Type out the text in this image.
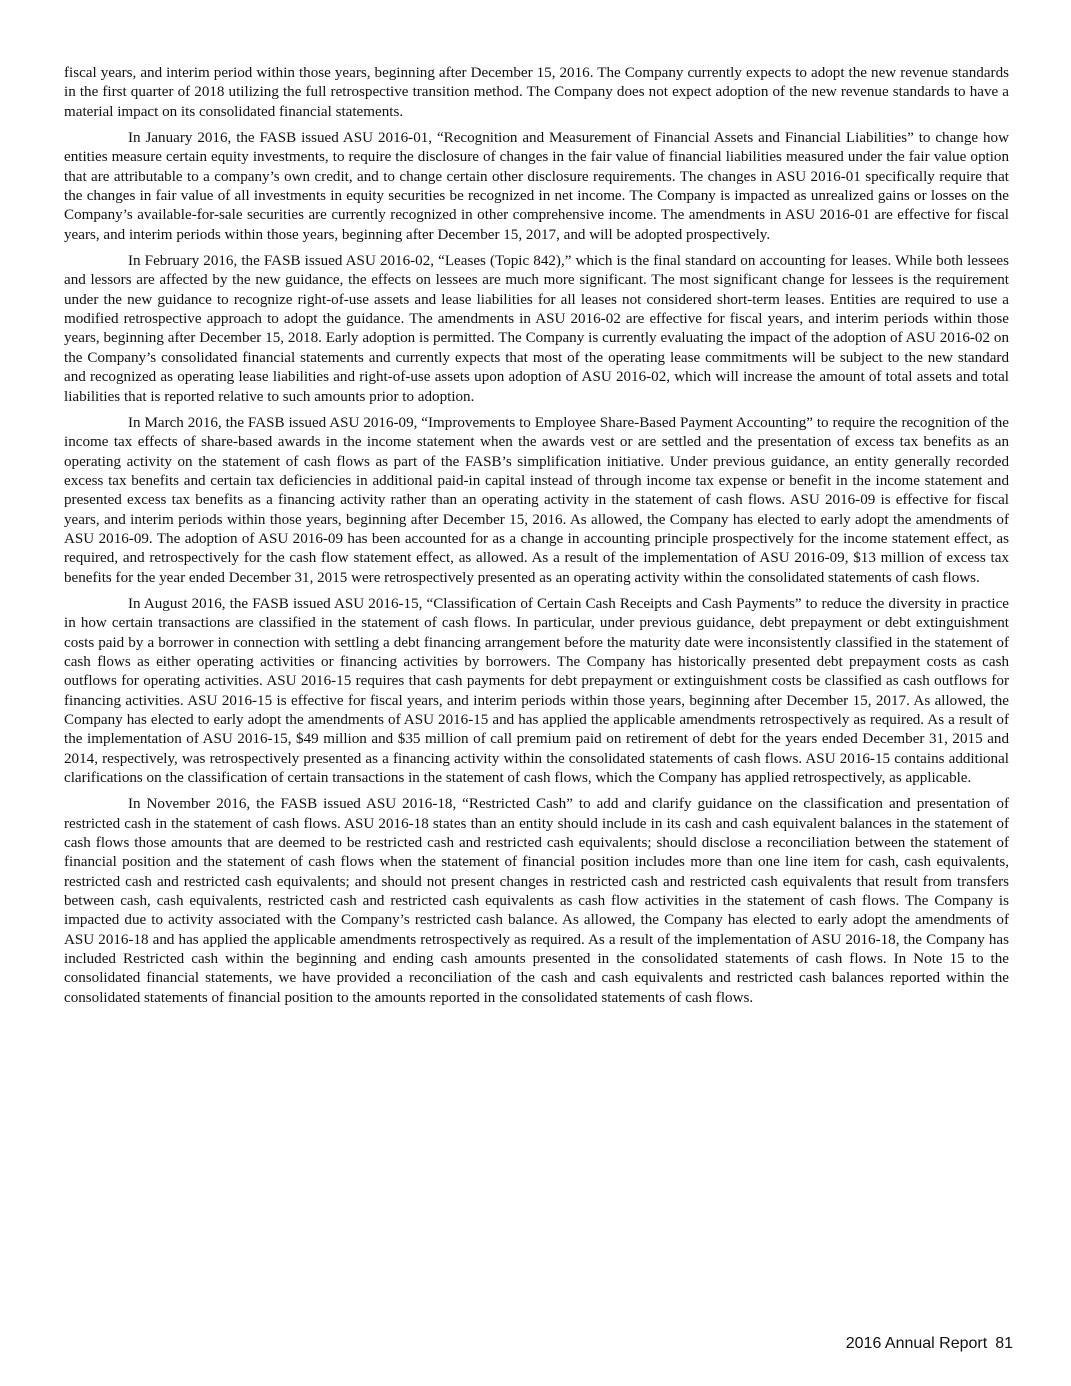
fiscal years, and interim period within those years, beginning after December 15, 2016. The Company currently expects to adopt the new revenue standards in the first quarter of 2018 utilizing the full retrospective transition method. The Company does not expect adoption of the new revenue standards to have a material impact on its consolidated financial statements.

In January 2016, the FASB issued ASU 2016-01, “Recognition and Measurement of Financial Assets and Financial Liabilities” to change how entities measure certain equity investments, to require the disclosure of changes in the fair value of financial liabilities measured under the fair value option that are attributable to a company’s own credit, and to change certain other disclosure requirements. The changes in ASU 2016-01 specifically require that the changes in fair value of all investments in equity securities be recognized in net income. The Company is impacted as unrealized gains or losses on the Company’s available-for-sale securities are currently recognized in other comprehensive income. The amendments in ASU 2016-01 are effective for fiscal years, and interim periods within those years, beginning after December 15, 2017, and will be adopted prospectively.

In February 2016, the FASB issued ASU 2016-02, “Leases (Topic 842),” which is the final standard on accounting for leases. While both lessees and lessors are affected by the new guidance, the effects on lessees are much more significant. The most significant change for lessees is the requirement under the new guidance to recognize right-of-use assets and lease liabilities for all leases not considered short-term leases. Entities are required to use a modified retrospective approach to adopt the guidance. The amendments in ASU 2016-02 are effective for fiscal years, and interim periods within those years, beginning after December 15, 2018. Early adoption is permitted. The Company is currently evaluating the impact of the adoption of ASU 2016-02 on the Company’s consolidated financial statements and currently expects that most of the operating lease commitments will be subject to the new standard and recognized as operating lease liabilities and right-of-use assets upon adoption of ASU 2016-02, which will increase the amount of total assets and total liabilities that is reported relative to such amounts prior to adoption.

In March 2016, the FASB issued ASU 2016-09, “Improvements to Employee Share-Based Payment Accounting” to require the recognition of the income tax effects of share-based awards in the income statement when the awards vest or are settled and the presentation of excess tax benefits as an operating activity on the statement of cash flows as part of the FASB’s simplification initiative. Under previous guidance, an entity generally recorded excess tax benefits and certain tax deficiencies in additional paid-in capital instead of through income tax expense or benefit in the income statement and presented excess tax benefits as a financing activity rather than an operating activity in the statement of cash flows. ASU 2016-09 is effective for fiscal years, and interim periods within those years, beginning after December 15, 2016. As allowed, the Company has elected to early adopt the amendments of ASU 2016-09. The adoption of ASU 2016-09 has been accounted for as a change in accounting principle prospectively for the income statement effect, as required, and retrospectively for the cash flow statement effect, as allowed. As a result of the implementation of ASU 2016-09, $13 million of excess tax benefits for the year ended December 31, 2015 were retrospectively presented as an operating activity within the consolidated statements of cash flows.

In August 2016, the FASB issued ASU 2016-15, “Classification of Certain Cash Receipts and Cash Payments” to reduce the diversity in practice in how certain transactions are classified in the statement of cash flows. In particular, under previous guidance, debt prepayment or debt extinguishment costs paid by a borrower in connection with settling a debt financing arrangement before the maturity date were inconsistently classified in the statement of cash flows as either operating activities or financing activities by borrowers. The Company has historically presented debt prepayment costs as cash outflows for operating activities. ASU 2016-15 requires that cash payments for debt prepayment or extinguishment costs be classified as cash outflows for financing activities. ASU 2016-15 is effective for fiscal years, and interim periods within those years, beginning after December 15, 2017. As allowed, the Company has elected to early adopt the amendments of ASU 2016-15 and has applied the applicable amendments retrospectively as required. As a result of the implementation of ASU 2016-15, $49 million and $35 million of call premium paid on retirement of debt for the years ended December 31, 2015 and 2014, respectively, was retrospectively presented as a financing activity within the consolidated statements of cash flows. ASU 2016-15 contains additional clarifications on the classification of certain transactions in the statement of cash flows, which the Company has applied retrospectively, as applicable.

In November 2016, the FASB issued ASU 2016-18, “Restricted Cash” to add and clarify guidance on the classification and presentation of restricted cash in the statement of cash flows. ASU 2016-18 states than an entity should include in its cash and cash equivalent balances in the statement of cash flows those amounts that are deemed to be restricted cash and restricted cash equivalents; should disclose a reconciliation between the statement of financial position and the statement of cash flows when the statement of financial position includes more than one line item for cash, cash equivalents, restricted cash and restricted cash equivalents; and should not present changes in restricted cash and restricted cash equivalents that result from transfers between cash, cash equivalents, restricted cash and restricted cash equivalents as cash flow activities in the statement of cash flows. The Company is impacted due to activity associated with the Company’s restricted cash balance. As allowed, the Company has elected to early adopt the amendments of ASU 2016-18 and has applied the applicable amendments retrospectively as required. As a result of the implementation of ASU 2016-18, the Company has included Restricted cash within the beginning and ending cash amounts presented in the consolidated statements of cash flows. In Note 15 to the consolidated financial statements, we have provided a reconciliation of the cash and cash equivalents and restricted cash balances reported within the consolidated statements of financial position to the amounts reported in the consolidated statements of cash flows.

2016 Annual Report 81
